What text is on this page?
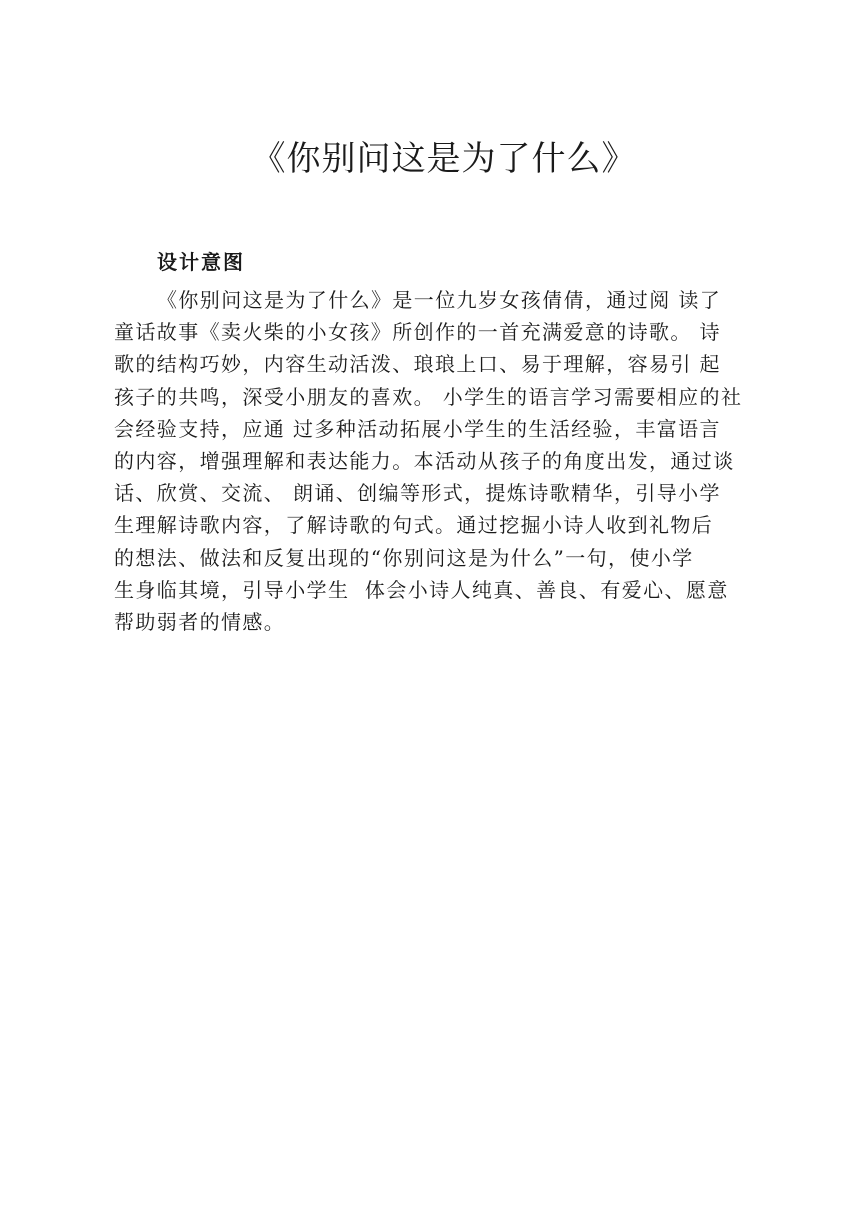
《你别问这是为了什么》
设计意图
《你别问这是为了什么》是一位九岁女孩倩倩，通过阅 读了
童话故事《卖火柴的小女孩》所创作的一首充满爱意的诗歌。 诗
歌的结构巧妙，内容生动活泼、琅琅上口、易于理解，容易引 起
孩子的共鸣，深受小朋友的喜欢。 小学生的语言学习需要相应的社
会经验支持，应通 过多种活动拓展小学生的生活经验，丰富语言
的内容，增强理解和表达能力。本活动从孩子的角度出发，通过谈
话、欣赏、交流、 朗诵、创编等形式，提炼诗歌精华，引导小学
生理解诗歌内容，了解诗歌的句式。通过挖掘小诗人收到礼物后
的想法、做法和反复出现的“你别问这是为什么”一句，使小学
生身临其境，引导小学生  体会小诗人纯真、善良、有爱心、愿意
帮助弱者的情感。
